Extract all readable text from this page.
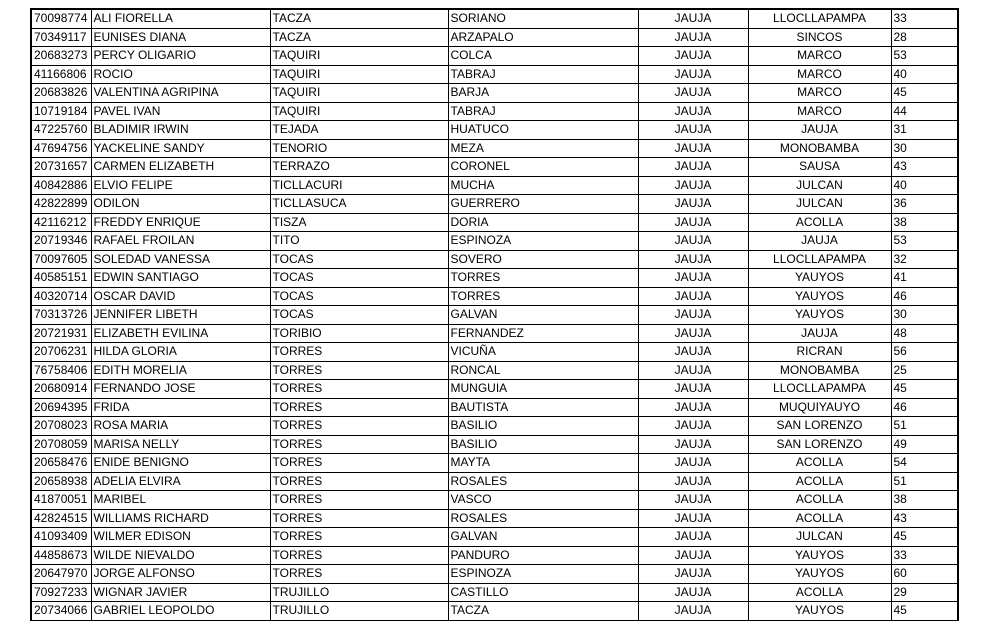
70098774	ALI FIORELLA	TACZA	SORIANO	JAUJA	LLOCLLAPAMPA	33
70349117	EUNISES DIANA	TACZA	ARZAPALO	JAUJA	SINCOS	28
20683273	PERCY OLIGARIO	TAQUIRI	COLCA	JAUJA	MARCO	53
41166806	ROCIO	TAQUIRI	TABRAJ	JAUJA	MARCO	40
20683826	VALENTINA AGRIPINA	TAQUIRI	BARJA	JAUJA	MARCO	45
10719184	PAVEL IVAN	TAQUIRI	TABRAJ	JAUJA	MARCO	44
47225760	BLADIMIR IRWIN	TEJADA	HUATUCO	JAUJA	JAUJA	31
47694756	YACKELINE SANDY	TENORIO	MEZA	JAUJA	MONOBAMBA	30
20731657	CARMEN ELIZABETH	TERRAZO	CORONEL	JAUJA	SAUSA	43
40842886	ELVIO FELIPE	TICLLACURI	MUCHA	JAUJA	JULCAN	40
42822899	ODILON	TICLLASUCA	GUERRERO	JAUJA	JULCAN	36
42116212	FREDDY ENRIQUE	TISZA	DORIA	JAUJA	ACOLLA	38
20719346	RAFAEL FROILAN	TITO	ESPINOZA	JAUJA	JAUJA	53
70097605	SOLEDAD VANESSA	TOCAS	SOVERO	JAUJA	LLOCLLAPAMPA	32
40585151	EDWIN SANTIAGO	TOCAS	TORRES	JAUJA	YAUYOS	41
40320714	OSCAR DAVID	TOCAS	TORRES	JAUJA	YAUYOS	46
70313726	JENNIFER LIBETH	TOCAS	GALVAN	JAUJA	YAUYOS	30
20721931	ELIZABETH EVILINA	TORIBIO	FERNANDEZ	JAUJA	JAUJA	48
20706231	HILDA GLORIA	TORRES	VICUÑA	JAUJA	RICRAN	56
76758406	EDITH MORELIA	TORRES	RONCAL	JAUJA	MONOBAMBA	25
20680914	FERNANDO JOSE	TORRES	MUNGUIA	JAUJA	LLOCLLAPAMPA	45
20694395	FRIDA	TORRES	BAUTISTA	JAUJA	MUQUIYAUYO	46
20708023	ROSA MARIA	TORRES	BASILIO	JAUJA	SAN LORENZO	51
20708059	MARISA NELLY	TORRES	BASILIO	JAUJA	SAN LORENZO	49
20658476	ENIDE BENIGNO	TORRES	MAYTA	JAUJA	ACOLLA	54
20658938	ADELIA ELVIRA	TORRES	ROSALES	JAUJA	ACOLLA	51
41870051	MARIBEL	TORRES	VASCO	JAUJA	ACOLLA	38
42824515	WILLIAMS RICHARD	TORRES	ROSALES	JAUJA	ACOLLA	43
41093409	WILMER EDISON	TORRES	GALVAN	JAUJA	JULCAN	45
44858673	WILDE NIEVALDO	TORRES	PANDURO	JAUJA	YAUYOS	33
20647970	JORGE ALFONSO	TORRES	ESPINOZA	JAUJA	YAUYOS	60
70927233	WIGNAR JAVIER	TRUJILLO	CASTILLO	JAUJA	ACOLLA	29
20734066	GABRIEL LEOPOLDO	TRUJILLO	TACZA	JAUJA	YAUYOS	45
